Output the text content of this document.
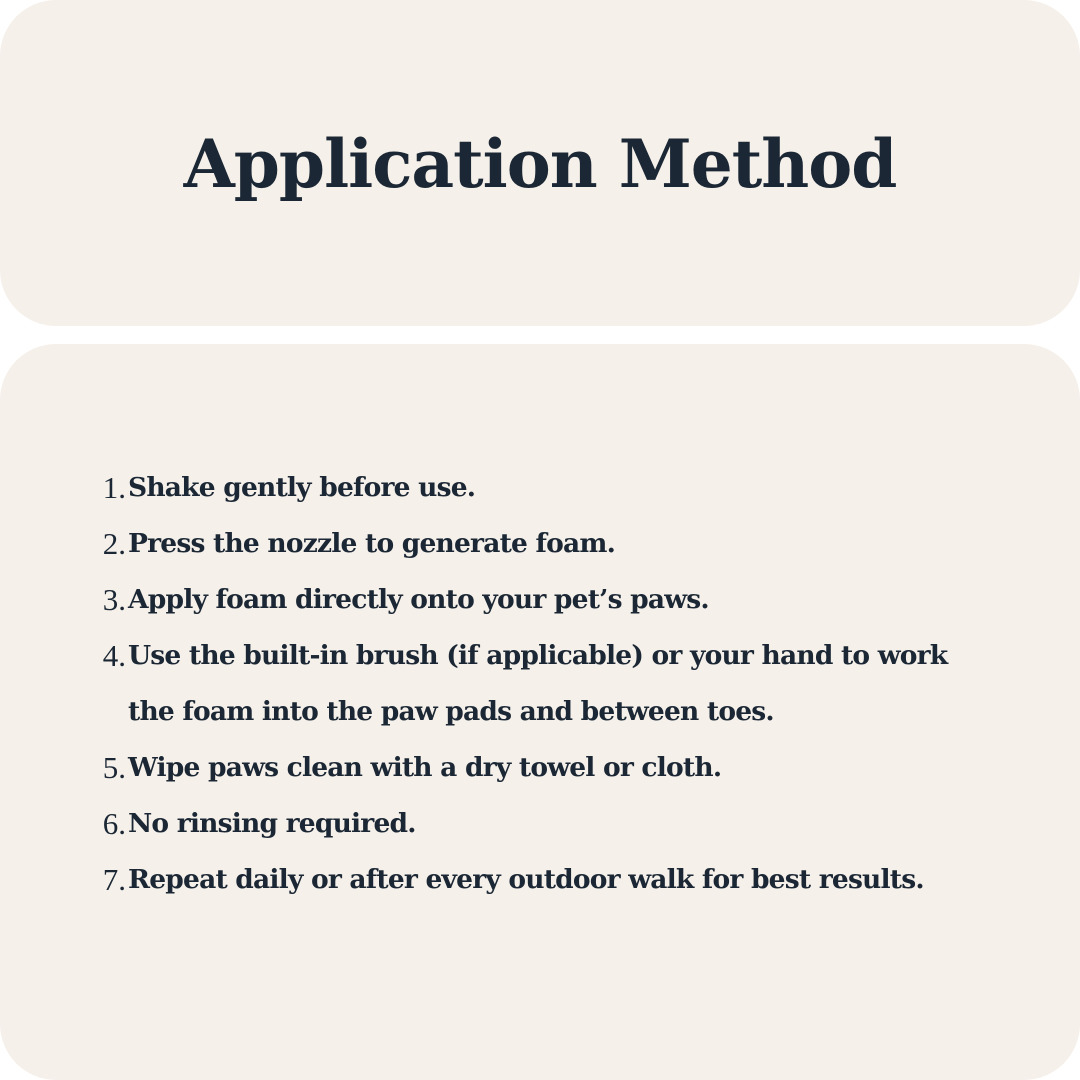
Application Method
1. Shake gently before use.
2. Press the nozzle to generate foam.
3. Apply foam directly onto your pet’s paws.
4. Use the built-in brush (if applicable) or your hand to work the foam into the paw pads and between toes.
5. Wipe paws clean with a dry towel or cloth.
6. No rinsing required.
7. Repeat daily or after every outdoor walk for best results.
